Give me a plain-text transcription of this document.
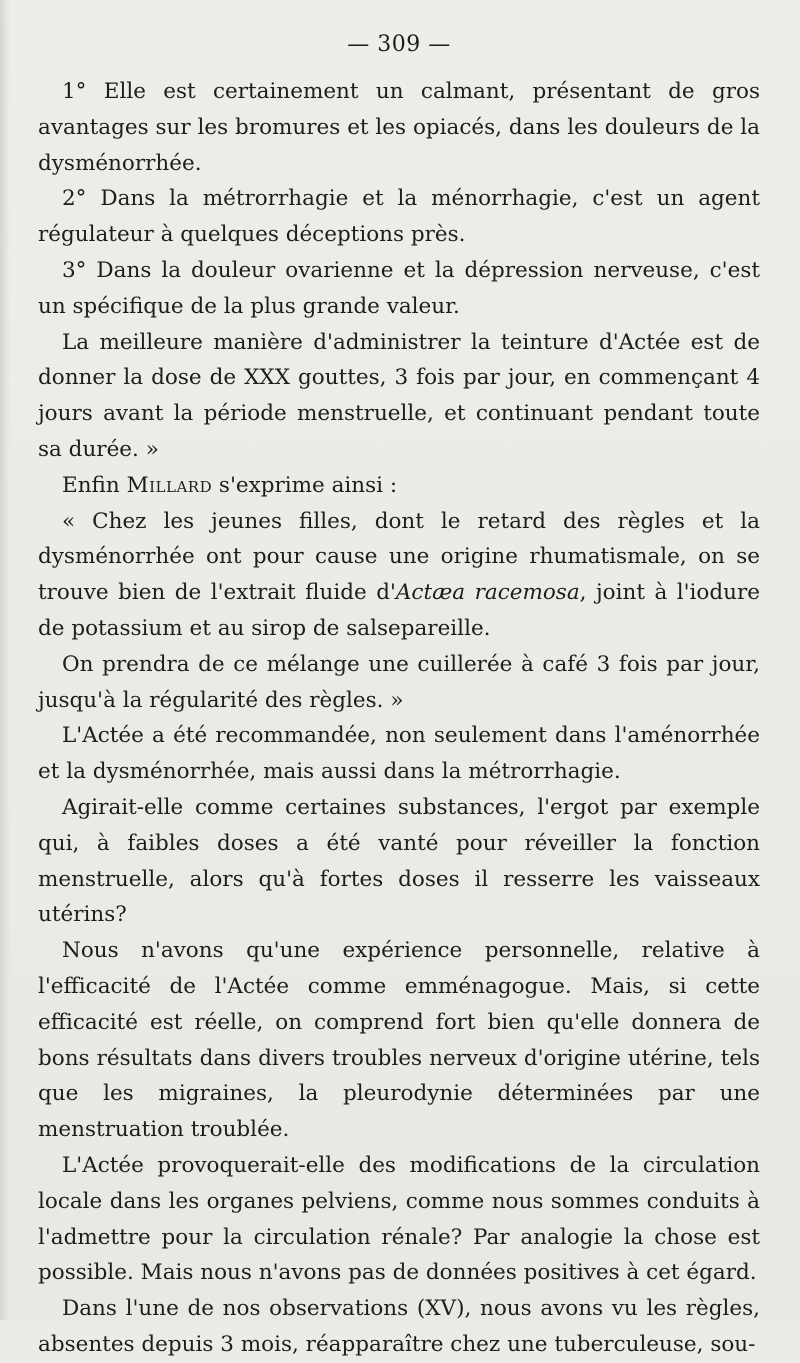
— 309 —

1° Elle est certainement un calmant, présentant de gros avantages sur les bromures et les opiacés, dans les douleurs de la dysménorrhée.

2° Dans la métrorrhagie et la ménorrhagie, c'est un agent régulateur à quelques déceptions près.

3° Dans la douleur ovarienne et la dépression nerveuse, c'est un spécifique de la plus grande valeur.

La meilleure manière d'administrer la teinture d'Actée est de donner la dose de XXX gouttes, 3 fois par jour, en commençant 4 jours avant la période menstruelle, et continuant pendant toute sa durée. »

Enfin Millard s'exprime ainsi :

« Chez les jeunes filles, dont le retard des règles et la dysménorrhée ont pour cause une origine rhumatismale, on se trouve bien de l'extrait fluide d'Actæa racemosa, joint à l'iodure de potassium et au sirop de salsepareille.

On prendra de ce mélange une cuillerée à café 3 fois par jour, jusqu'à la régularité des règles. »

L'Actée a été recommandée, non seulement dans l'aménorrhée et la dysménorrhée, mais aussi dans la métrorrhagie.

Agirait-elle comme certaines substances, l'ergot par exemple qui, à faibles doses a été vanté pour réveiller la fonction menstruelle, alors qu'à fortes doses il resserre les vaisseaux utérins?

Nous n'avons qu'une expérience personnelle, relative à l'efficacité de l'Actée comme emménagogue. Mais, si cette efficacité est réelle, on comprend fort bien qu'elle donnera de bons résultats dans divers troubles nerveux d'origine utérine, tels que les migraines, la pleurodynie déterminées par une menstruation troublée.

L'Actée provoquerait-elle des modifications de la circulation locale dans les organes pelviens, comme nous sommes conduits à l'admettre pour la circulation rénale? Par analogie la chose est possible. Mais nous n'avons pas de données positives à cet égard.

Dans l'une de nos observations (XV), nous avons vu les règles, absentes depuis 3 mois, réapparaître chez une tuberculeuse, sou-
